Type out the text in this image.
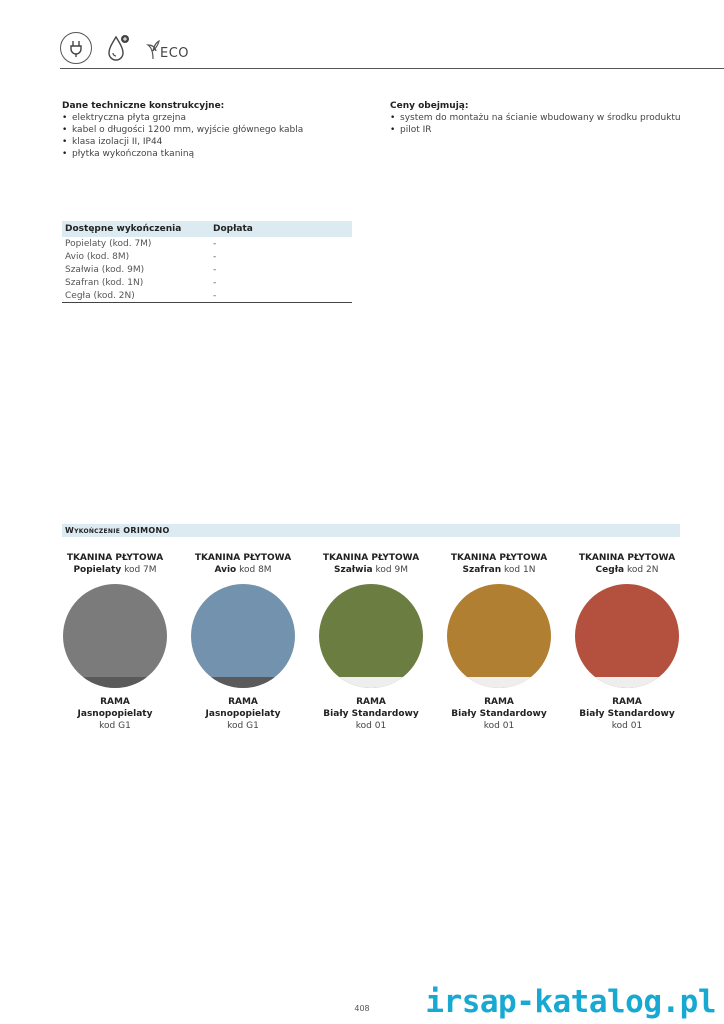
ECO
Dane techniczne konstrukcyjne:
• elektryczna płyta grzejna
• kabel o długości 1200 mm, wyjście głównego kabla
• klasa izolacji II, IP44
• płytka wykończona tkaniną
Ceny obejmują:
• system do montażu na ścianie wbudowany w środku produktu
• pilot IR
Dostępne wykończenia	Dopłata
Popielaty (kod. 7M)	-
Avio (kod. 8M)	-
Szałwia (kod. 9M)	-
Szafran (kod. 1N)	-
Cegła (kod. 2N)	-
Wykończenie ORIMONO
TKANINA PŁYTOWA
Popielaty kod 7M
RAMA
Jasnopopielaty
kod G1
TKANINA PŁYTOWA
Avio kod 8M
RAMA
Jasnopopielaty
kod G1
TKANINA PŁYTOWA
Szałwia kod 9M
RAMA
Biały Standardowy
kod 01
TKANINA PŁYTOWA
Szafran kod 1N
RAMA
Biały Standardowy
kod 01
TKANINA PŁYTOWA
Cegła kod 2N
RAMA
Biały Standardowy
kod 01
408	irsap-katalog.pl
